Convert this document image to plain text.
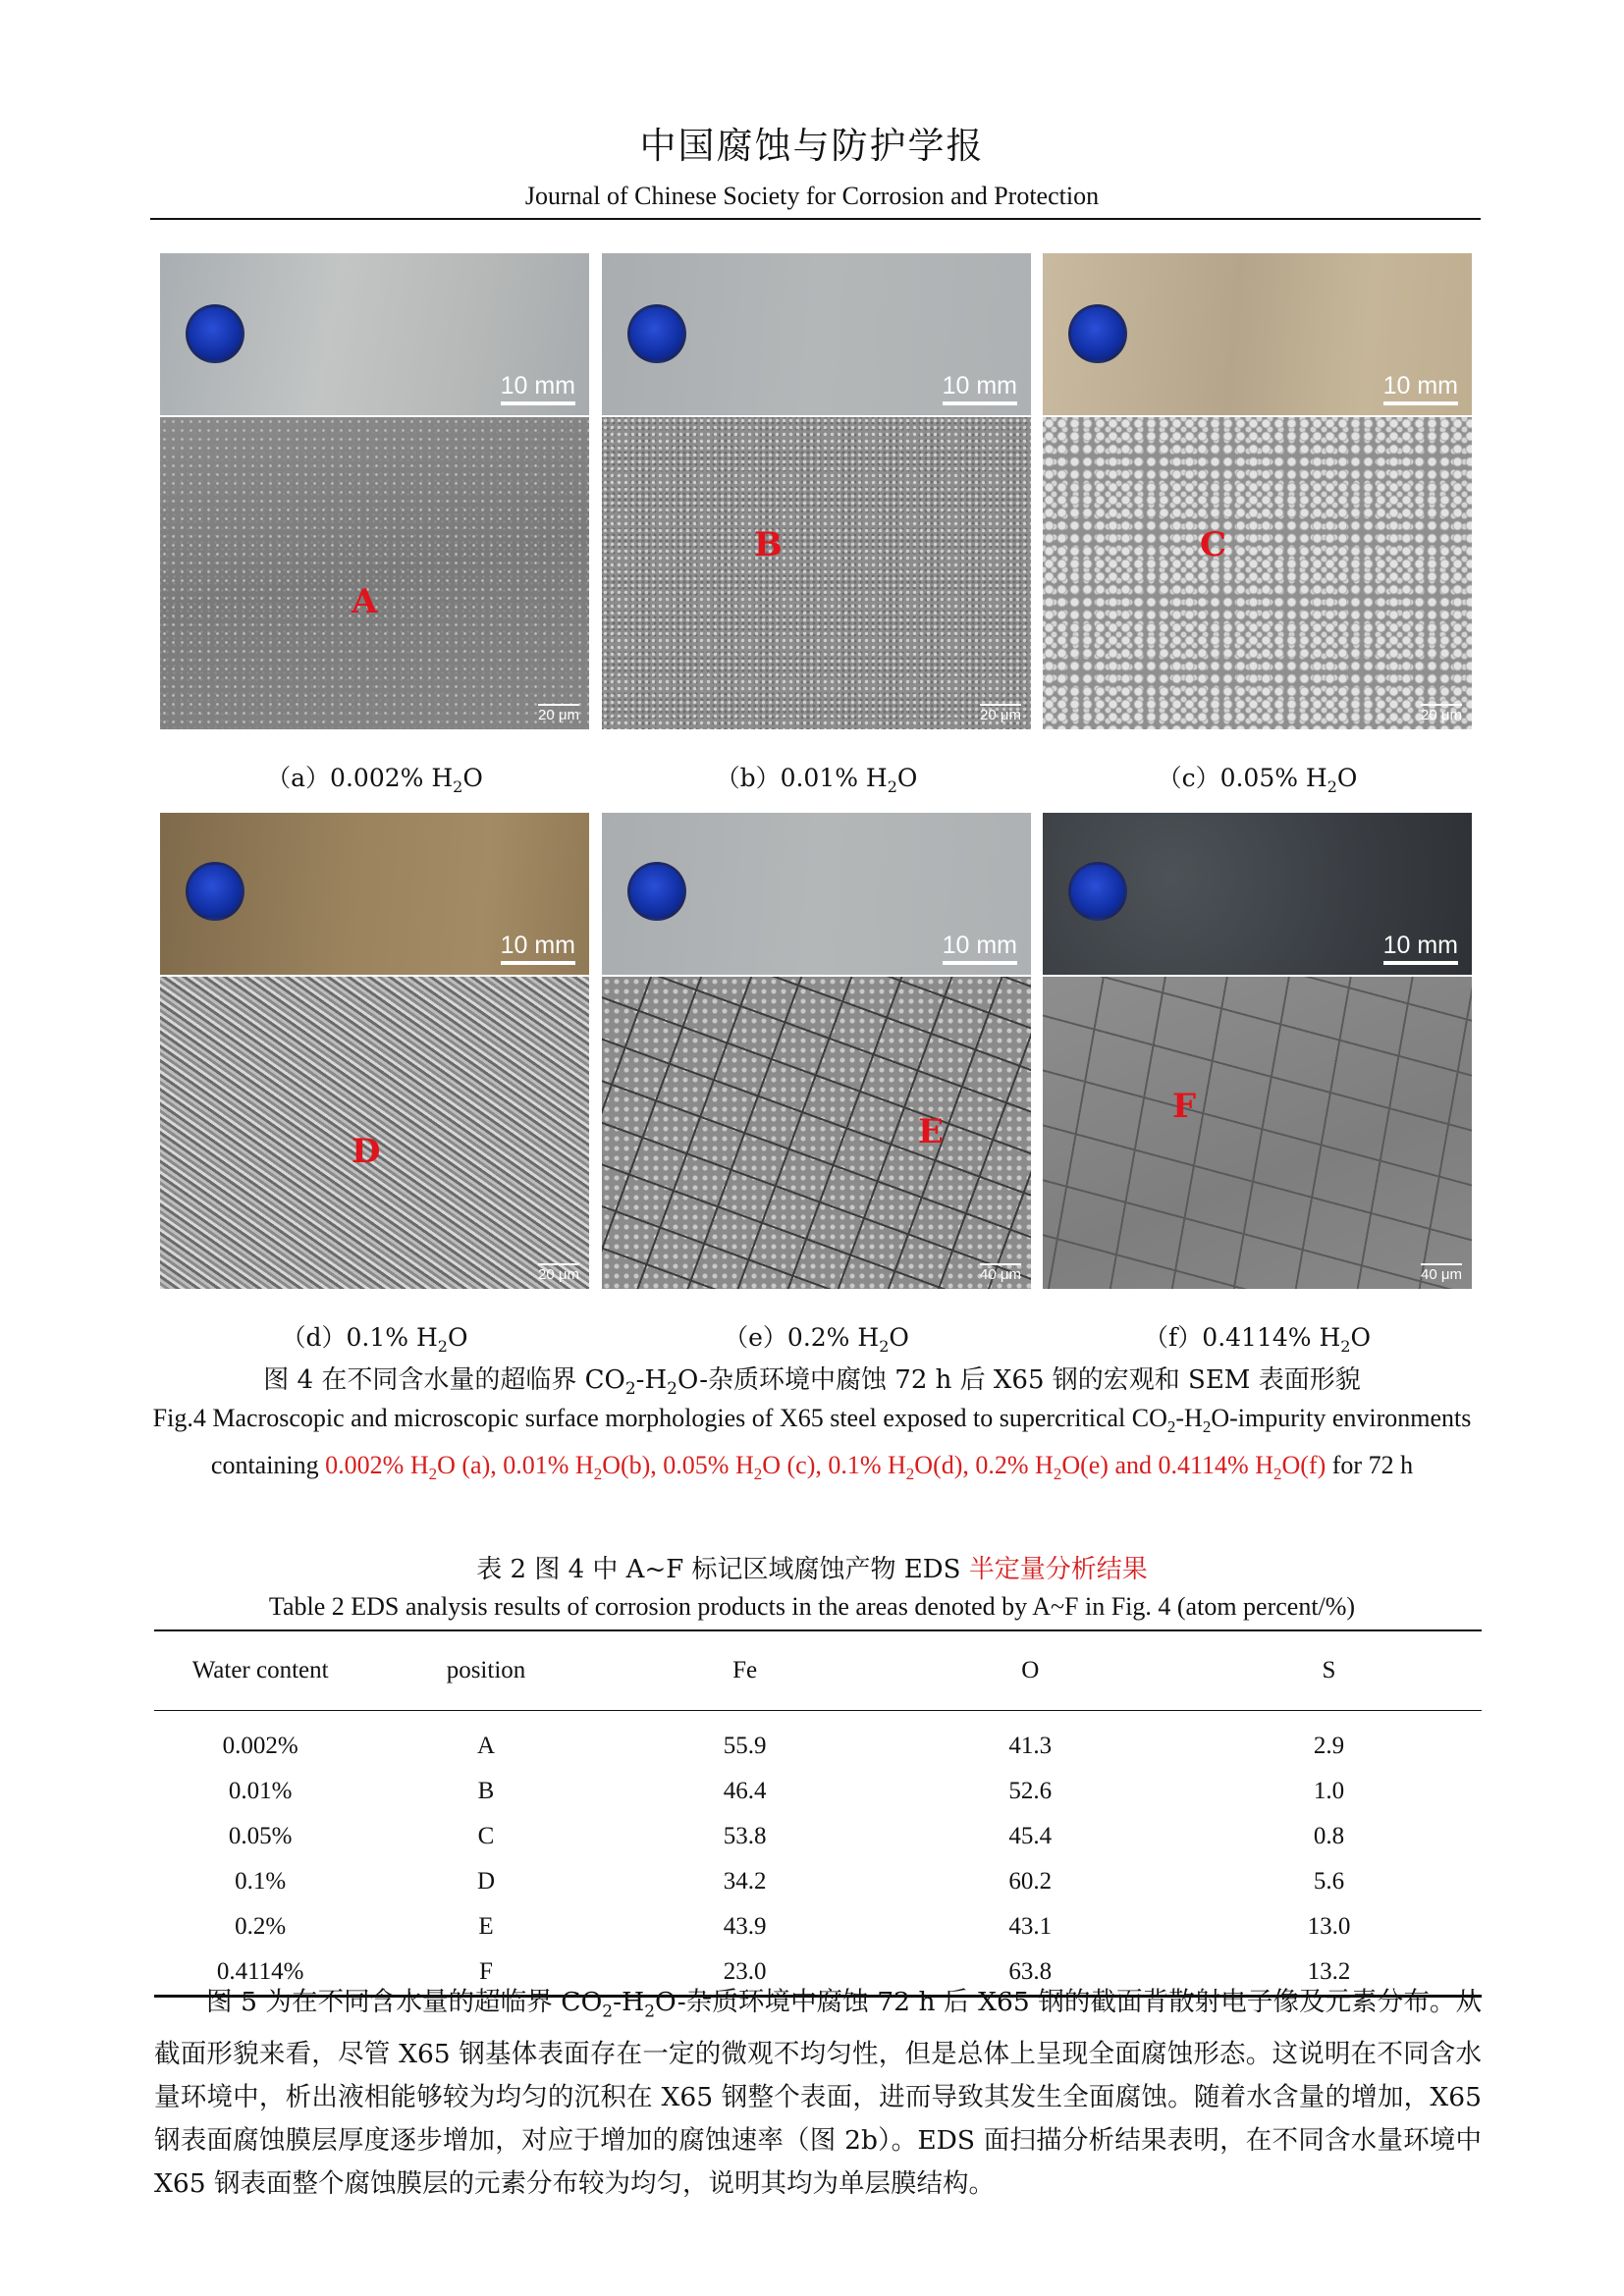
中国腐蚀与防护学报
Journal of Chinese Society for Corrosion and Protection
10 mm
A
20 μm
（a）0.002% $H_2O$
10 mm
B
20 μm
（b）0.01% $H_2O$
10 mm
C
20 μm
（c）0.05% $H_2O$
10 mm
D
20 μm
（d）0.1% $H_2O$
10 mm
E
40 μm
（e）0.2% $H_2O$
10 mm
F
40 μm
（f）0.4114% $H_2O$
图 4 在不同含水量的超临界 $CO_2-H_2O-$杂质环境中腐蚀 72 h 后 X65 钢的宏观和 SEM 表面形貌
Fig.4 Macroscopic and microscopic surface morphologies of X65 steel exposed to supercritical $CO_2-H_2O$-impurity environments containing 0.002% $H_2O$ (a), 0.01% $H_2O(b)$, 0.05% $H_2O$ (c), 0.1% $H_2O(d)$, 0.2% $H_2O(e)$ and 0.4114% $H_2O(f)$ for 72 h
表 2 图 4 中 A~F 标记区域腐蚀产物 EDS 半定量分析结果
Table 2 EDS analysis results of corrosion products in the areas denoted by A~F in Fig. 4 (atom percent/%)
Water content	position	Fe	O	S
0.002%	A	55.9	41.3	2.9
0.01%	B	46.4	52.6	1.0
0.05%	C	53.8	45.4	0.8
0.1%	D	34.2	60.2	5.6
0.2%	E	43.9	43.1	13.0
0.4114%	F	23.0	63.8	13.2
图 5 为在不同含水量的超临界 $CO_2-H_2O-$杂质环境中腐蚀 72 h 后 X65 钢的截面背散射电子像及元素分布。从截面形貌来看，尽管 X65 钢基体表面存在一定的微观不均匀性，但是总体上呈现全面腐蚀形态。这说明在不同含水量环境中，析出液相能够较为均匀的沉积在 X65 钢整个表面，进而导致其发生全面腐蚀。随着水含量的增加，X65 钢表面腐蚀膜层厚度逐步增加，对应于增加的腐蚀速率（图 2b）。EDS 面扫描分析结果表明，在不同含水量环境中 X65 钢表面整个腐蚀膜层的元素分布较为均匀，说明其均为单层膜结构。
